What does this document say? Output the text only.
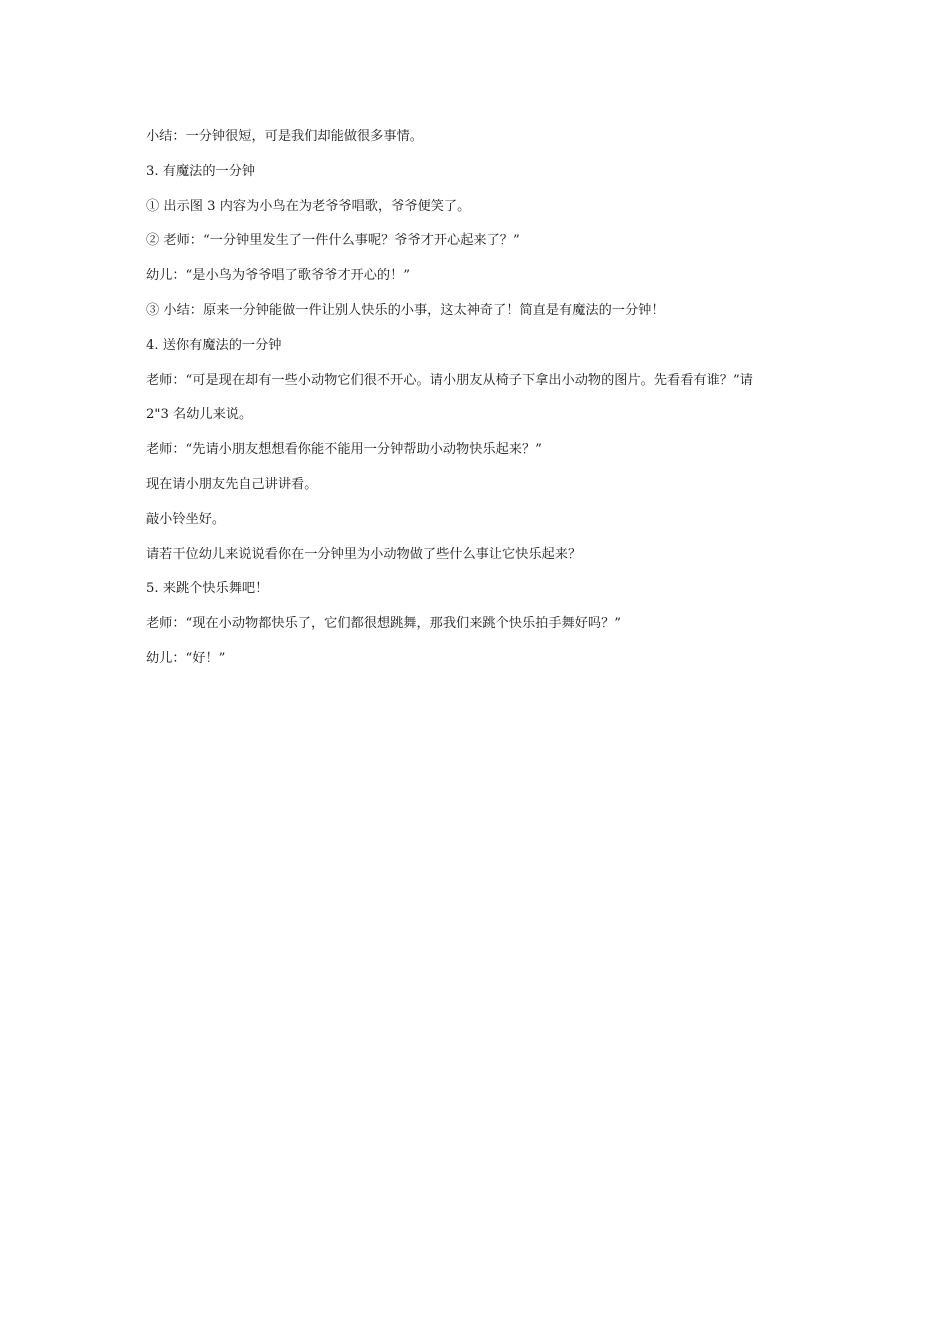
小结：一分钟很短，可是我们却能做很多事情。

3. 有魔法的一分钟

① 出示图 3 内容为小鸟在为老爷爷唱歌，爷爷便笑了。

② 老师：“一分钟里发生了一件什么事呢？爷爷才开心起来了？”

幼儿：“是小鸟为爷爷唱了歌爷爷才开心的！”

③ 小结：原来一分钟能做一件让别人快乐的小事，这太神奇了！简直是有魔法的一分钟！

4. 送你有魔法的一分钟

老师：“可是现在却有一些小动物它们很不开心。请小朋友从椅子下拿出小动物的图片。先看看有谁？”请

2"3 名幼儿来说。

老师：“先请小朋友想想看你能不能用一分钟帮助小动物快乐起来？”

现在请小朋友先自己讲讲看。

敲小铃坐好。

请若干位幼儿来说说看你在一分钟里为小动物做了些什么事让它快乐起来？

5. 来跳个快乐舞吧！

老师：“现在小动物都快乐了，它们都很想跳舞，那我们来跳个快乐拍手舞好吗？”

幼儿：“好！”
